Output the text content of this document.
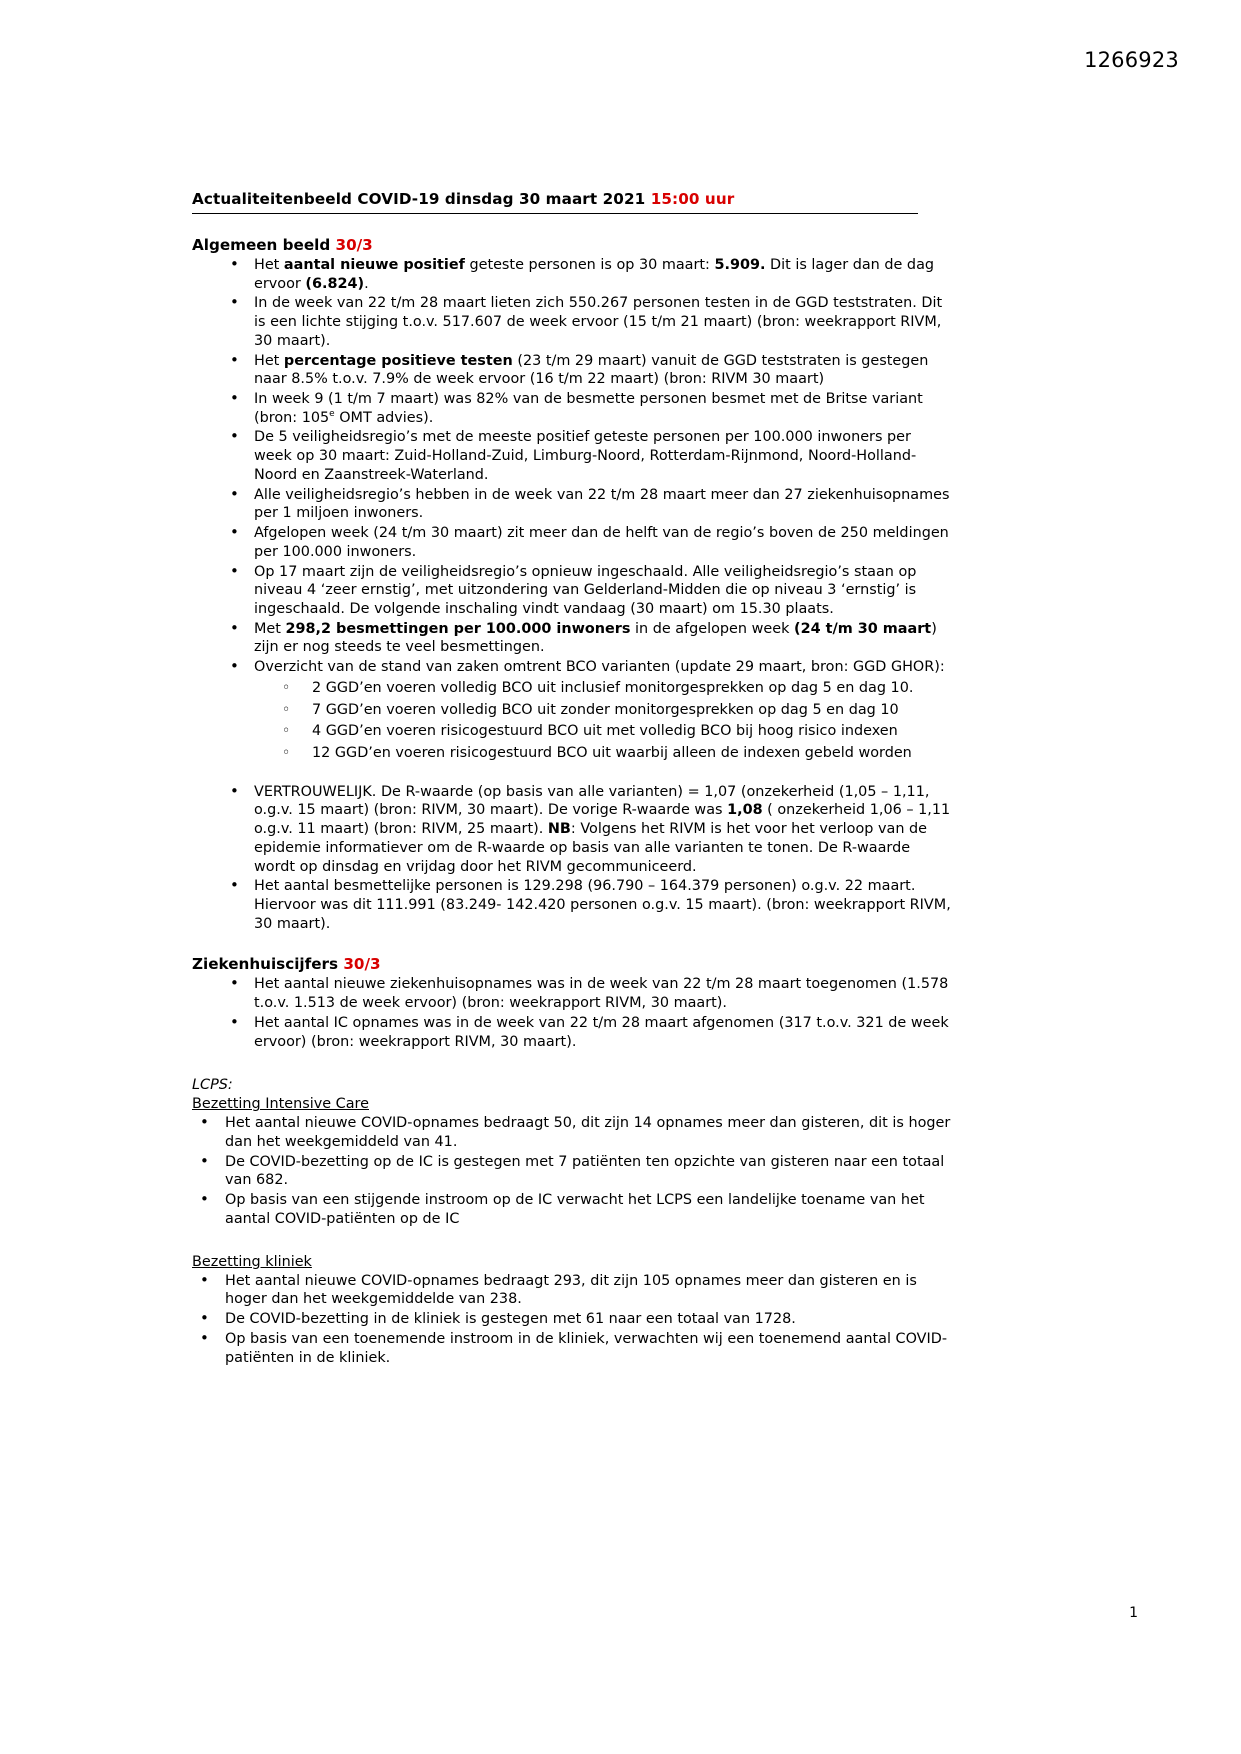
1266923
Actualiteitenbeeld COVID-19 dinsdag 30 maart 2021 15:00 uur
Algemeen beeld 30/3
• Het aantal nieuwe positief geteste personen is op 30 maart: 5.909. Dit is lager dan de dag ervoor (6.824).
• In de week van 22 t/m 28 maart lieten zich 550.267 personen testen in de GGD teststraten. Dit is een lichte stijging t.o.v. 517.607 de week ervoor (15 t/m 21 maart) (bron: weekrapport RIVM, 30 maart).
• Het percentage positieve testen (23 t/m 29 maart) vanuit de GGD teststraten is gestegen naar 8.5% t.o.v. 7.9% de week ervoor (16 t/m 22 maart) (bron: RIVM 30 maart)
• In week 9 (1 t/m 7 maart) was 82% van de besmette personen besmet met de Britse variant (bron: 105e OMT advies).
• De 5 veiligheidsregio’s met de meeste positief geteste personen per 100.000 inwoners per week op 30 maart: Zuid-Holland-Zuid, Limburg-Noord, Rotterdam-Rijnmond, Noord-Holland-Noord en Zaanstreek-Waterland.
• Alle veiligheidsregio’s hebben in de week van 22 t/m 28 maart meer dan 27 ziekenhuisopnames per 1 miljoen inwoners.
• Afgelopen week (24 t/m 30 maart) zit meer dan de helft van de regio’s boven de 250 meldingen per 100.000 inwoners.
• Op 17 maart zijn de veiligheidsregio’s opnieuw ingeschaald. Alle veiligheidsregio’s staan op niveau 4 ‘zeer ernstig’, met uitzondering van Gelderland-Midden die op niveau 3 ‘ernstig’ is ingeschaald. De volgende inschaling vindt vandaag (30 maart) om 15.30 plaats.
• Met 298,2 besmettingen per 100.000 inwoners in de afgelopen week (24 t/m 30 maart) zijn er nog steeds te veel besmettingen.
• Overzicht van de stand van zaken omtrent BCO varianten (update 29 maart, bron: GGD GHOR):
◦ 2 GGD’en voeren volledig BCO uit inclusief monitorgesprekken op dag 5 en dag 10.
◦ 7 GGD’en voeren volledig BCO uit zonder monitorgesprekken op dag 5 en dag 10
◦ 4 GGD’en voeren risicogestuurd BCO uit met volledig BCO bij hoog risico indexen
◦ 12 GGD’en voeren risicogestuurd BCO uit waarbij alleen de indexen gebeld worden
• VERTROUWELIJK. De R-waarde (op basis van alle varianten) = 1,07 (onzekerheid (1,05 – 1,11, o.g.v. 15 maart) (bron: RIVM, 30 maart). De vorige R-waarde was 1,08 ( onzekerheid 1,06 – 1,11 o.g.v. 11 maart) (bron: RIVM, 25 maart). NB: Volgens het RIVM is het voor het verloop van de epidemie informatiever om de R-waarde op basis van alle varianten te tonen. De R-waarde wordt op dinsdag en vrijdag door het RIVM gecommuniceerd.
• Het aantal besmettelijke personen is 129.298 (96.790 – 164.379 personen) o.g.v. 22 maart. Hiervoor was dit 111.991 (83.249- 142.420 personen o.g.v. 15 maart). (bron: weekrapport RIVM, 30 maart).
Ziekenhuiscijfers 30/3
• Het aantal nieuwe ziekenhuisopnames was in de week van 22 t/m 28 maart toegenomen (1.578 t.o.v. 1.513 de week ervoor) (bron: weekrapport RIVM, 30 maart).
• Het aantal IC opnames was in de week van 22 t/m 28 maart afgenomen (317 t.o.v. 321 de week ervoor) (bron: weekrapport RIVM, 30 maart).
LCPS:
Bezetting Intensive Care
• Het aantal nieuwe COVID-opnames bedraagt 50, dit zijn 14 opnames meer dan gisteren, dit is hoger dan het weekgemiddeld van 41.
• De COVID-bezetting op de IC is gestegen met 7 patiënten ten opzichte van gisteren naar een totaal van 682.
• Op basis van een stijgende instroom op de IC verwacht het LCPS een landelijke toename van het aantal COVID-patiënten op de IC
Bezetting kliniek
• Het aantal nieuwe COVID-opnames bedraagt 293, dit zijn 105 opnames meer dan gisteren en is hoger dan het weekgemiddelde van 238.
• De COVID-bezetting in de kliniek is gestegen met 61 naar een totaal van 1728.
• Op basis van een toenemende instroom in de kliniek, verwachten wij een toenemend aantal COVID-patiënten in de kliniek.
1
